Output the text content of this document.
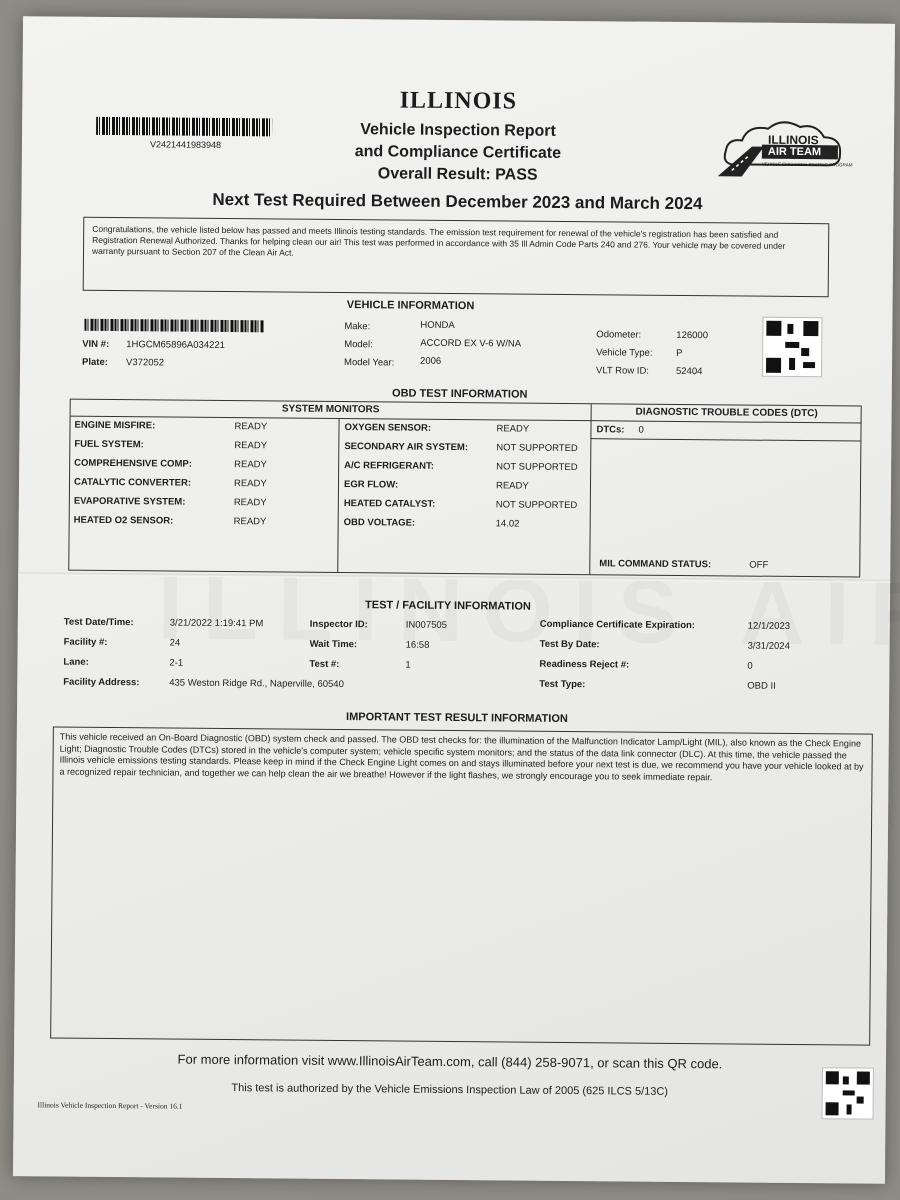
V2421441983948
ILLINOIS
Vehicle Inspection Report
and Compliance Certificate
Overall Result: PASS
Next Test Required Between December 2023 and March 2024
ILLINOIS
AIR TEAM
VEHICLE EMISSIONS TESTING PROGRAM
Congratulations, the vehicle listed below has passed and meets Illinois testing standards. The emission test requirement for renewal of the vehicle's registration has been satisfied and Registration Renewal Authorized. Thanks for helping clean our air! This test was performed in accordance with 35 Ill Admin Code Parts 240 and 276. Your vehicle may be covered under warranty pursuant to Section 207 of the Clean Air Act.
VEHICLE INFORMATION
VIN #: 1HGCM65896A034221
Plate: V372052
Make:	HONDA
Model:	ACCORD EX V-6 W/NA
Model Year:	2006
Odometer:	126000
Vehicle Type: P
VLT Row ID:	52404
OBD TEST INFORMATION
SYSTEM MONITORS	DIAGNOSTIC TROUBLE CODES (DTC)
ENGINE MISFIRE:	READY
FUEL SYSTEM:	READY
COMPREHENSIVE COMP:	READY
CATALYTIC CONVERTER:	READY
EVAPORATIVE SYSTEM:	READY
HEATED O2 SENSOR:	READY
OXYGEN SENSOR:	READY
SECONDARY AIR SYSTEM:	NOT SUPPORTED
A/C REFRIGERANT:	NOT SUPPORTED
EGR FLOW:	READY
HEATED CATALYST:	NOT SUPPORTED
OBD VOLTAGE:	14.02
DTCs: 0
MIL COMMAND STATUS:	OFF
TEST / FACILITY INFORMATION
Test Date/Time:	3/21/2022 1:19:41 PM
Facility #:	24
Lane:	2-1
Facility Address:	435 Weston Ridge Rd., Naperville, 60540
Inspector ID:	IN007505
Wait Time:	16:58
Test #:	1
Compliance Certificate Expiration:	12/1/2023
Test By Date:	3/31/2024
Readiness Reject #:	0
Test Type:	OBD II
IMPORTANT TEST RESULT INFORMATION
This vehicle received an On-Board Diagnostic (OBD) system check and passed. The OBD test checks for: the illumination of the Malfunction Indicator Lamp/Light (MIL), also known as the Check Engine Light; Diagnostic Trouble Codes (DTCs) stored in the vehicle's computer system; vehicle specific system monitors; and the status of the data link connector (DLC). At this time, the vehicle passed the Illinois vehicle emissions testing standards. Please keep in mind if the Check Engine Light comes on and stays illuminated before your next test is due, we recommend you have your vehicle looked at by a recognized repair technician, and together we can help clean the air we breathe! However if the light flashes, we strongly encourage you to seek immediate repair.
For more information visit www.IllinoisAirTeam.com, call (844) 258-9071, or scan this QR code.
This test is authorized by the Vehicle Emissions Inspection Law of 2005 (625 ILCS 5/13C)
Illinois Vehicle Inspection Report - Version 16.1
